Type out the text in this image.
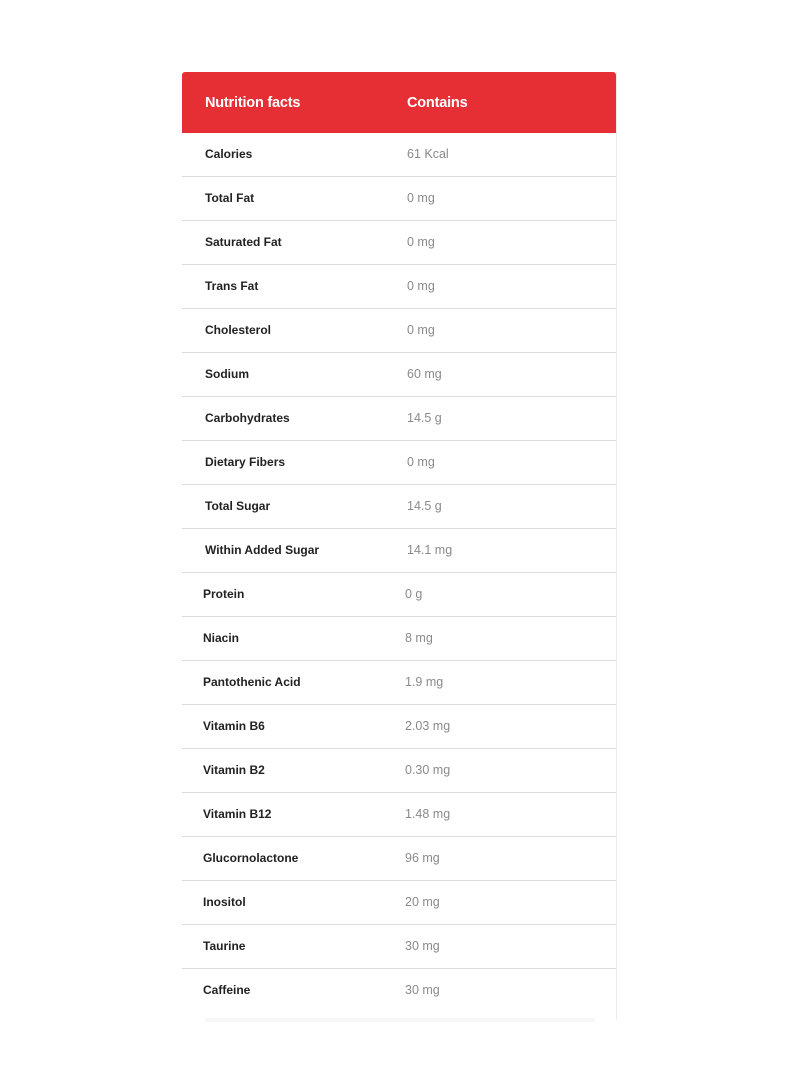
Nutrition facts	Contains
Calories	61 Kcal
Total Fat	0 mg
Saturated Fat	0 mg
Trans Fat	0 mg
Cholesterol	0 mg
Sodium	60 mg
Carbohydrates	14.5 g
Dietary Fibers	0 mg
Total Sugar	14.5 g
Within Added Sugar	14.1 mg
Protein	0 g
Niacin	8 mg
Pantothenic Acid	1.9 mg
Vitamin B6	2.03 mg
Vitamin B2	0.30 mg
Vitamin B12	1.48 mg
Glucornolactone	96 mg
Inositol	20 mg
Taurine	30 mg
Caffeine	30 mg
